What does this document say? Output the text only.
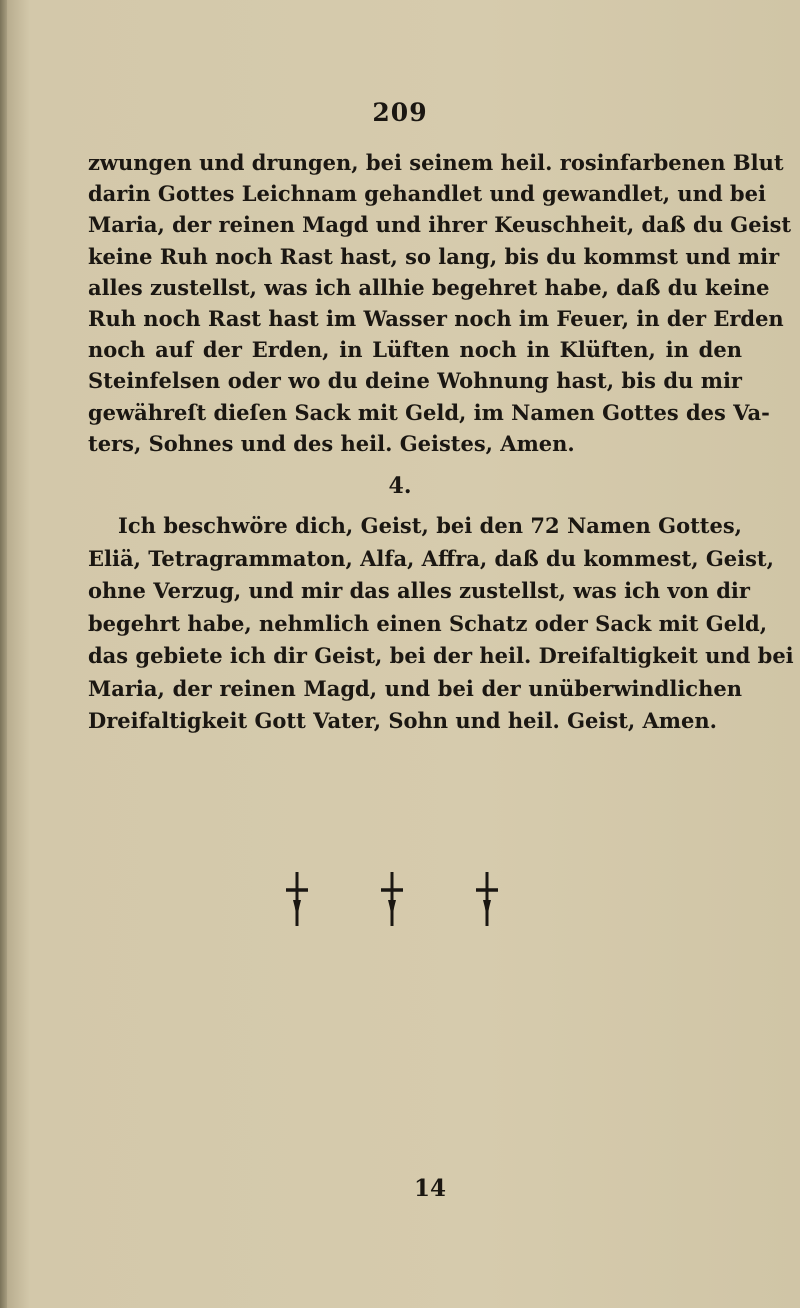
209
zwungen und drungen, bei seinem heil. rosinfarbenen Blut
darin Gottes Leichnam gehandlet und gewandlet, und bei
Maria, der reinen Magd und ihrer Keuschheit, daß du Geist
keine Ruh noch Rast hast, so lang, bis du kommst und mir
alles zustellst, was ich allhie begehret habe, daß du keine
Ruh noch Rast hast im Wasser noch im Feuer, in der Erden
noch auf der Erden, in Lüften noch in Klüften, in den
Steinfelsen oder wo du deine Wohnung hast, bis du mir
gewähreſt dieſen Sack mit Geld, im Namen Gottes des Va-
ters, Sohnes und des heil. Geistes, Amen.
4.
Ich beschwöre dich, Geist, bei den 72 Namen Gottes,
Eliä, Tetragrammaton, Alfa, Affra, daß du kommest, Geist,
ohne Verzug, und mir das alles zustellst, was ich von dir
begehrt habe, nehmlich einen Schatz oder Sack mit Geld,
das gebiete ich dir Geist, bei der heil. Dreifaltigkeit und bei
Maria, der reinen Magd, und bei der unüberwindlichen
Dreifaltigkeit Gott Vater, Sohn und heil. Geist, Amen.
14
